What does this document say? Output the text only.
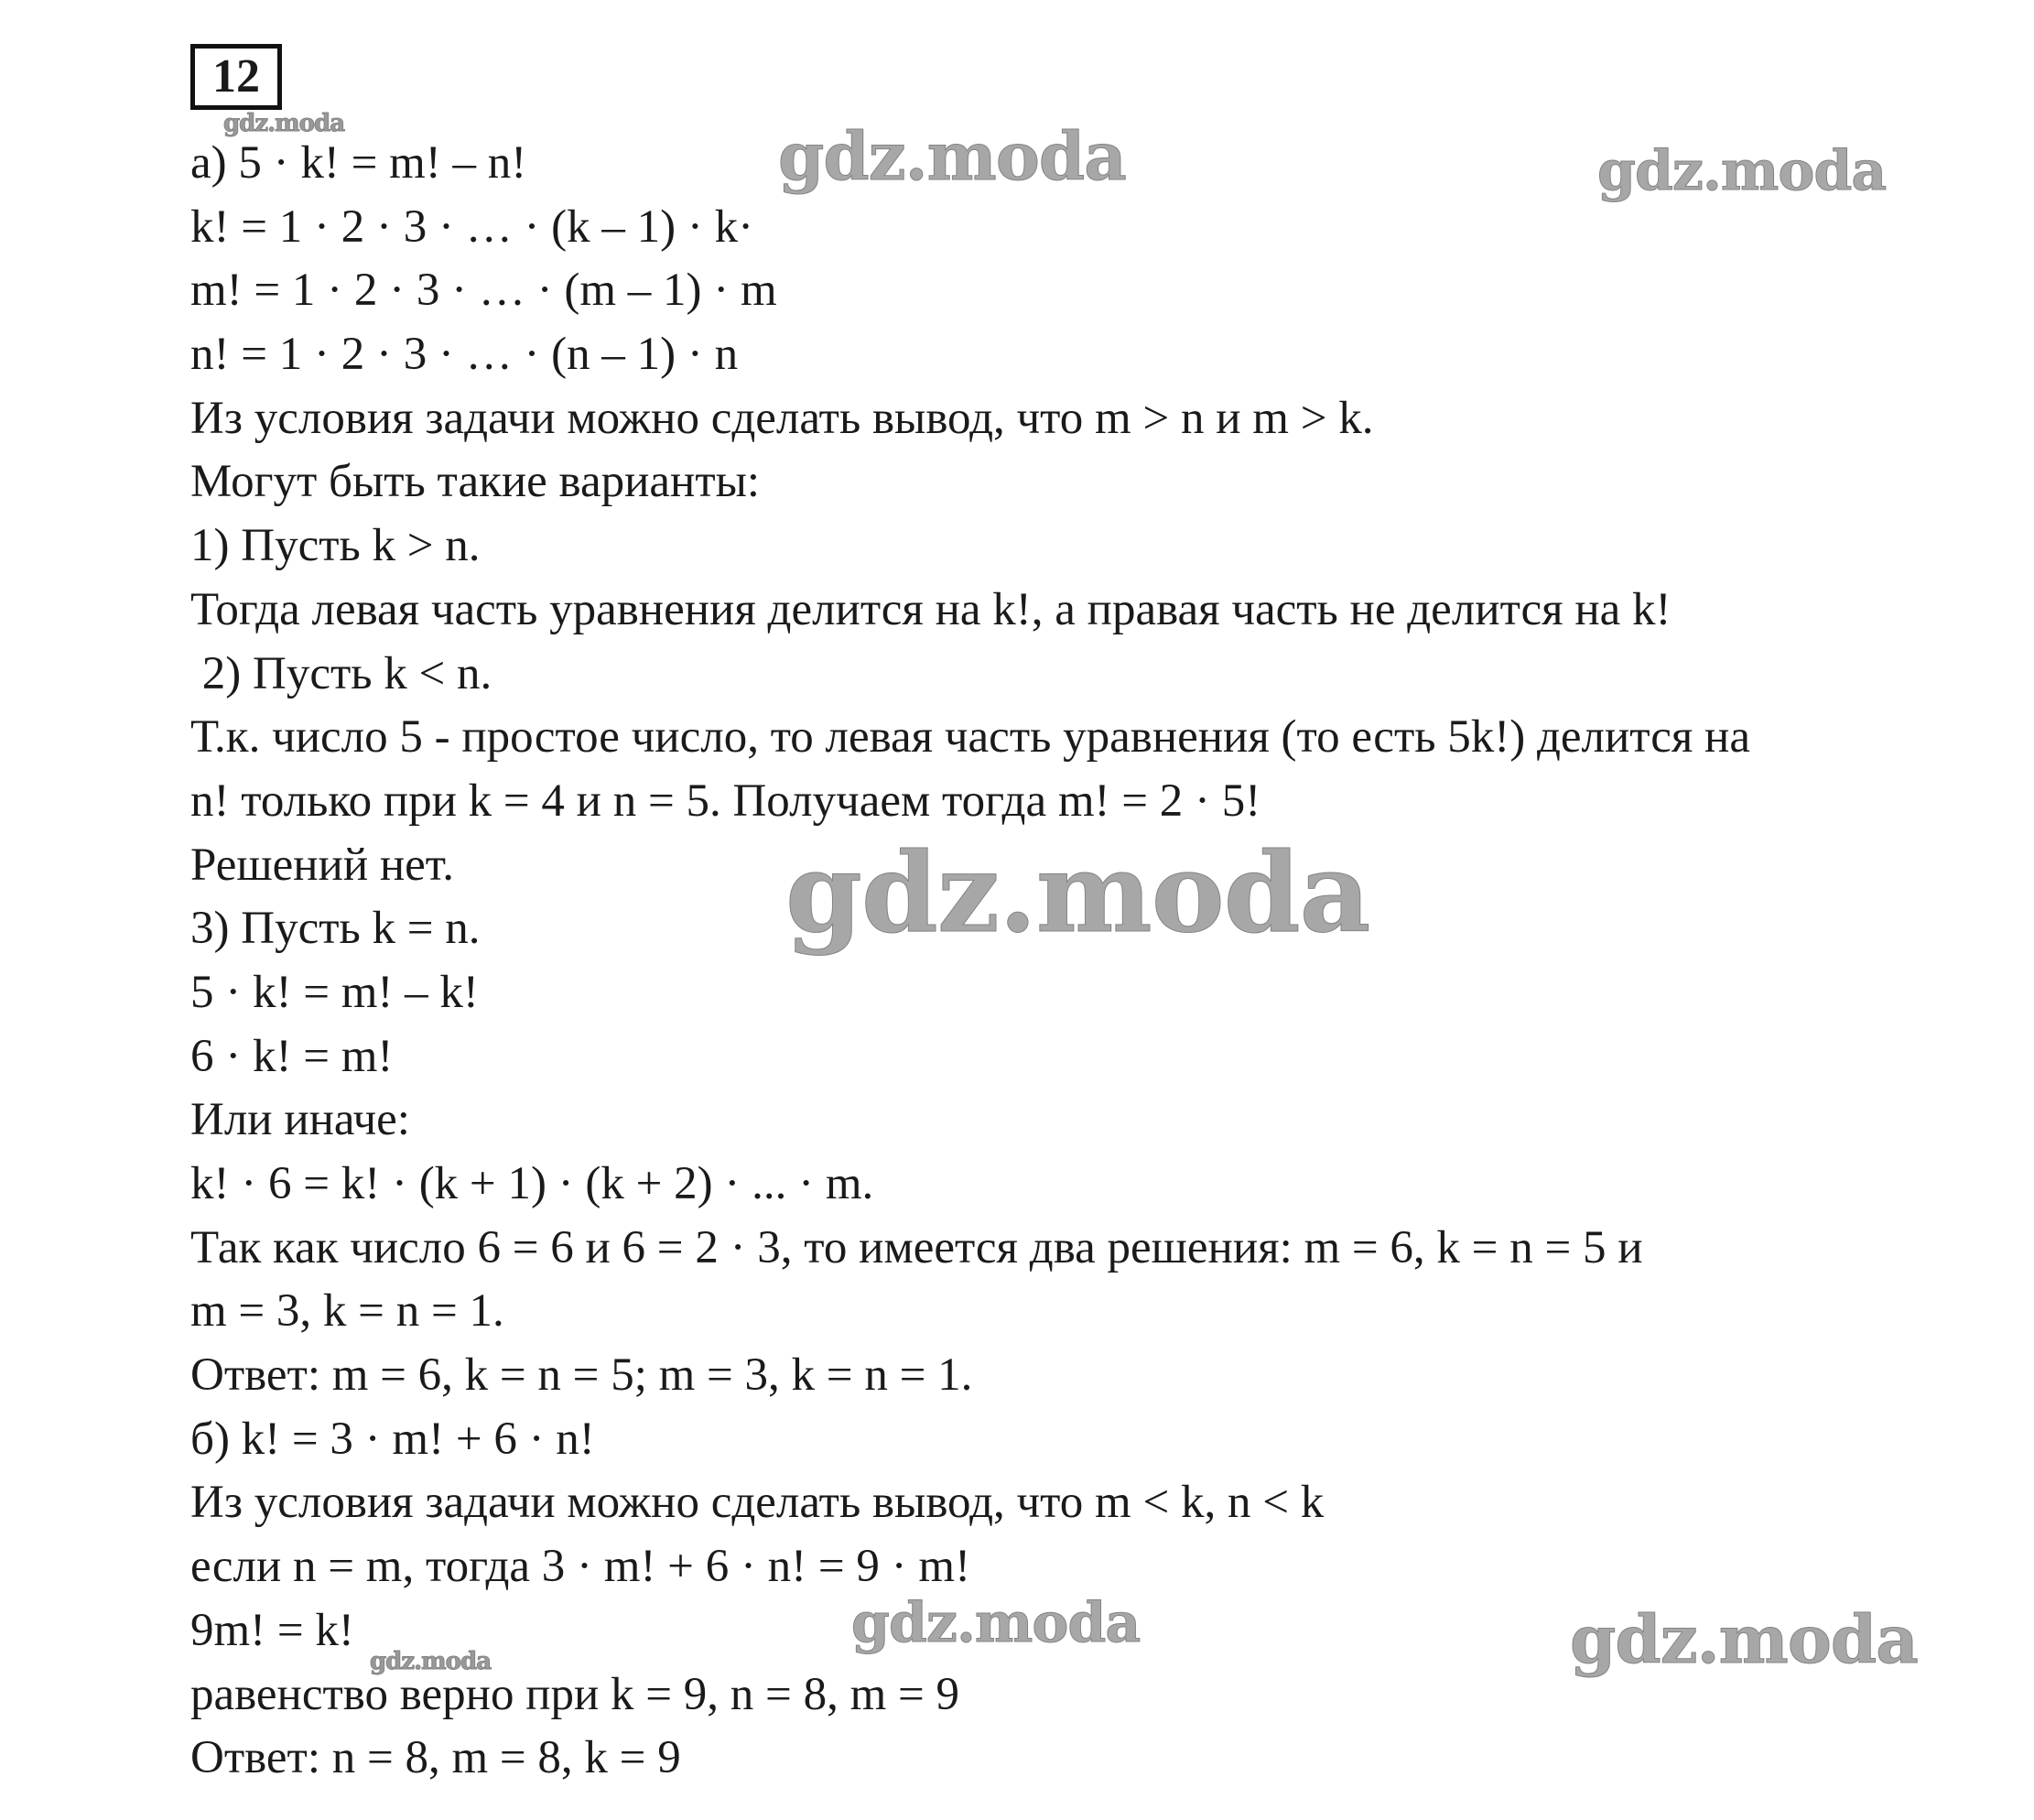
12
а) 5 · k! = m! – n!
k! = 1 · 2 · 3 · … · (k – 1) · k·
m! = 1 · 2 · 3 · … · (m – 1) · m
n! = 1 · 2 · 3 · … · (n – 1) · n
Из условия задачи можно сделать вывод, что m > n и m > k.
Могут быть такие варианты:
1) Пусть k > n.
Тогда левая часть уравнения делится на k!, а правая часть не делится на k!
2) Пусть k < n.
Т.к. число 5 - простое число, то левая часть уравнения (то есть 5k!) делится на
n! только при k = 4 и n = 5. Получаем тогда m! = 2 · 5!
Решений нет.
3) Пусть k = n.
5 · k! = m! – k!
6 · k! = m!
Или иначе:
k! · 6 = k! · (k + 1) · (k + 2) · ... · m.
Так как число 6 = 6 и 6 = 2 · 3, то имеется два решения: m = 6, k = n = 5 и
m = 3, k = n = 1.
Ответ: m = 6, k = n = 5; m = 3, k = n = 1.
б) k! = 3 · m! + 6 · n!
Из условия задачи можно сделать вывод, что m < k, n < k
если n = m, тогда 3 · m! + 6 · n! = 9 · m!
9m! = k!
равенство верно при k = 9, n = 8, m = 9
Ответ: n = 8, m = 8, k = 9
gdz.moda	gdz.moda	gdz.moda
gdz.moda
gdz.moda	gdz.moda
gdz.moda
